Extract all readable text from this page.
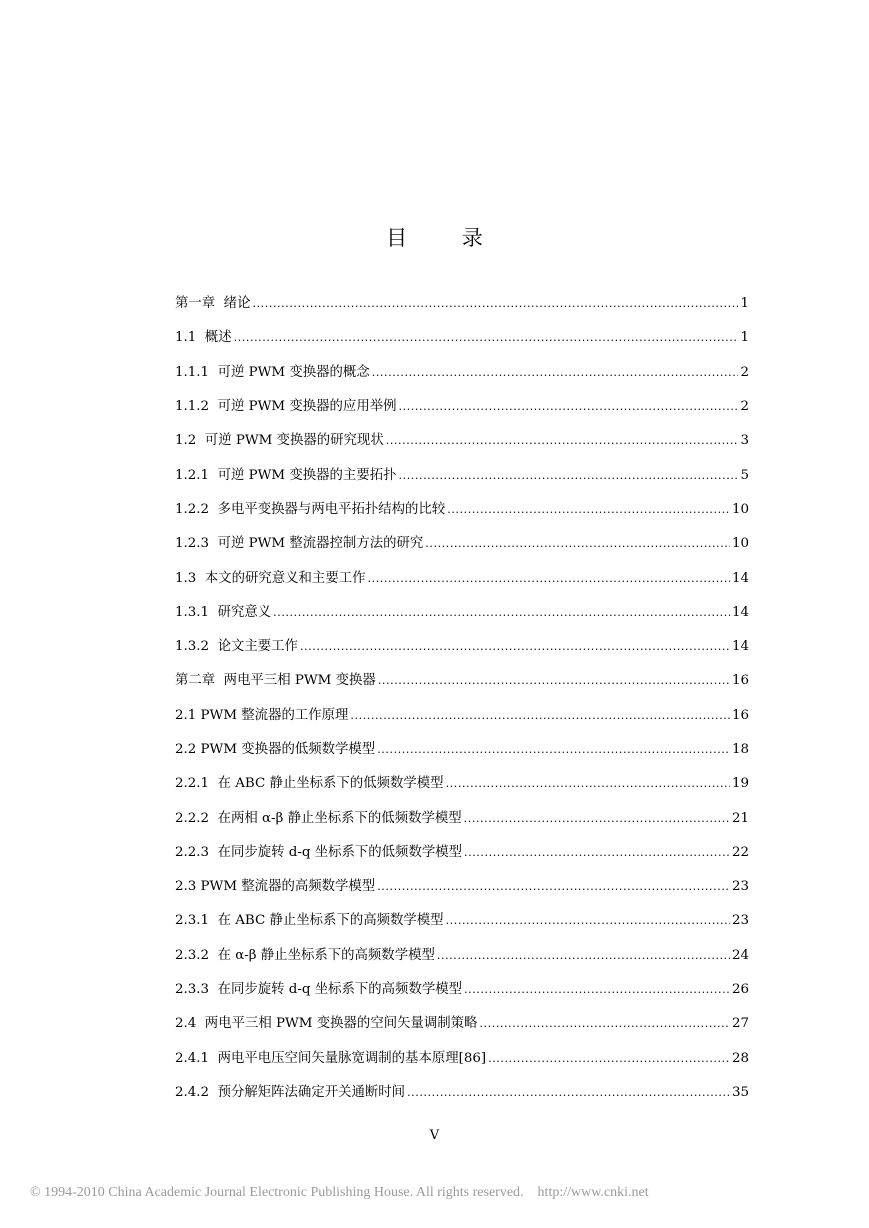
目 录
第一章  绪论 .....	1
1.1  概述 .....	1
1.1.1  可逆 PWM 变换器的概念 .....	2
1.1.2  可逆 PWM 变换器的应用举例 .....	2
1.2  可逆 PWM 变换器的研究现状 .....	3
1.2.1  可逆 PWM 变换器的主要拓扑 .....	5
1.2.2  多电平变换器与两电平拓扑结构的比较 .....	10
1.2.3  可逆 PWM 整流器控制方法的研究 .....	10
1.3  本文的研究意义和主要工作 .....	14
1.3.1  研究意义 .....	14
1.3.2  论文主要工作 .....	14
第二章  两电平三相 PWM 变换器 .....	16
2.1 PWM 整流器的工作原理 .....	16
2.2 PWM 变换器的低频数学模型 .....	18
2.2.1  在 ABC 静止坐标系下的低频数学模型 .....	19
2.2.2  在两相 α-β 静止坐标系下的低频数学模型 .....	21
2.2.3  在同步旋转 d-q 坐标系下的低频数学模型 .....	22
2.3 PWM 整流器的高频数学模型 .....	23
2.3.1  在 ABC 静止坐标系下的高频数学模型 .....	23
2.3.2  在 α-β 静止坐标系下的高频数学模型 .....	24
2.3.3  在同步旋转 d-q 坐标系下的高频数学模型 .....	26
2.4  两电平三相 PWM 变换器的空间矢量调制策略 .....	27
2.4.1  两电平电压空间矢量脉宽调制的基本原理[86] .....	28
2.4.2  预分解矩阵法确定开关通断时间 .....	35
V
© 1994-2010 China Academic Journal Electronic Publishing House. All rights reserved.    http://www.cnki.net
